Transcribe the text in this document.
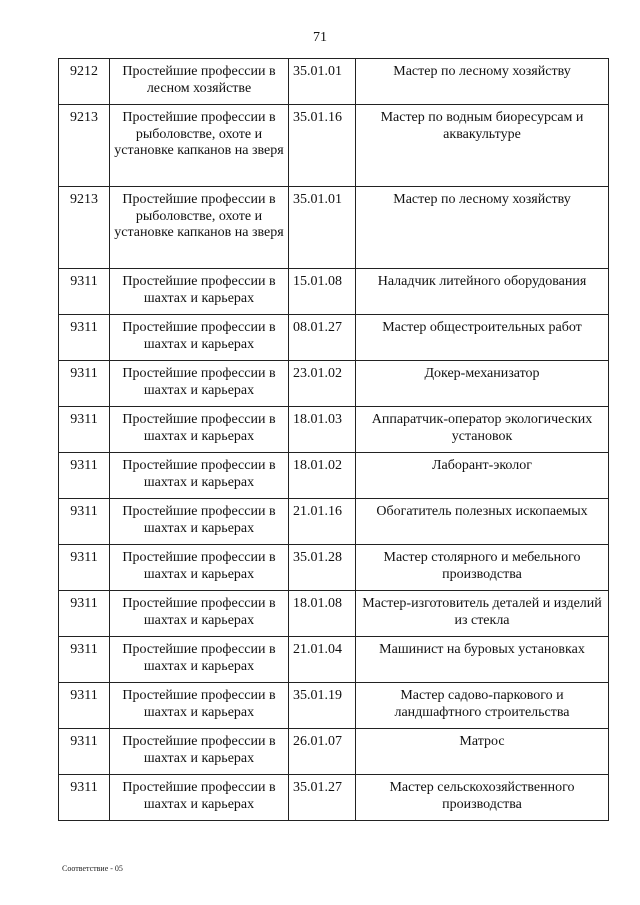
71
9212	Простейшие профессии в лесном хозяйстве	35.01.01	Мастер по лесному хозяйству
9213	Простейшие профессии в рыболовстве, охоте и установке капканов на зверя	35.01.16	Мастер по водным биоресурсам и аквакультуре
9213	Простейшие профессии в рыболовстве, охоте и установке капканов на зверя	35.01.01	Мастер по лесному хозяйству
9311	Простейшие профессии в шахтах и карьерах	15.01.08	Наладчик литейного оборудования
9311	Простейшие профессии в шахтах и карьерах	08.01.27	Мастер общестроительных работ
9311	Простейшие профессии в шахтах и карьерах	23.01.02	Докер-механизатор
9311	Простейшие профессии в шахтах и карьерах	18.01.03	Аппаратчик-оператор экологических установок
9311	Простейшие профессии в шахтах и карьерах	18.01.02	Лаборант-эколог
9311	Простейшие профессии в шахтах и карьерах	21.01.16	Обогатитель полезных ископаемых
9311	Простейшие профессии в шахтах и карьерах	35.01.28	Мастер столярного и мебельного производства
9311	Простейшие профессии в шахтах и карьерах	18.01.08	Мастер-изготовитель деталей и изделий из стекла
9311	Простейшие профессии в шахтах и карьерах	21.01.04	Машинист на буровых установках
9311	Простейшие профессии в шахтах и карьерах	35.01.19	Мастер садово-паркового и ландшафтного строительства
9311	Простейшие профессии в шахтах и карьерах	26.01.07	Матрос
9311	Простейшие профессии в шахтах и карьерах	35.01.27	Мастер сельскохозяйственного производства
Соответствие - 05
